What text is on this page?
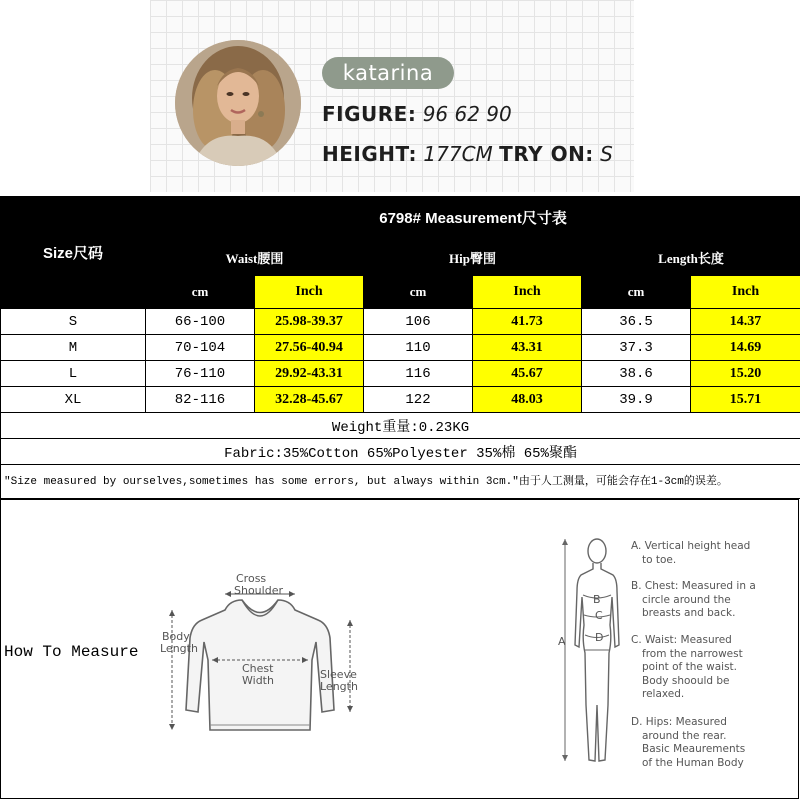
katarina
FIGURE: 96 62 90
HEIGHT: 177CM TRY ON: S
Size尺码	6798# Measurement尺寸表					
	Waist腰围		Hip臀围		Length长度	
	cm	Inch	cm	Inch	cm	Inch
S	66-100	25.98-39.37	106	41.73	36.5	14.37
M	70-104	27.56-40.94	110	43.31	37.3	14.69
L	76-110	29.92-43.31	116	45.67	38.6	15.20
XL	82-116	32.28-45.67	122	48.03	39.9	15.71
Weight重量:0.23KG						
Fabric:35%Cotton 65%Polyester 35%棉 65%聚酯						
"Size measured by ourselves,sometimes has some errors, but always within 3cm."由于人工测量，可能会存在1-3cm的误差。						
How To Measure
Cross
Shoulder
Body
Length
Chest
Width	Sleeve
Length
A
B
C
D
A. Vertical height head
to toe.
B. Chest: Measured in a
circle around the
breasts and back.
C. Waist: Measured
from the narrowest
point of the waist.
Body shoould be
relaxed.
D. Hips: Measured
around the rear.
Basic Meaurements
of the Human Body
